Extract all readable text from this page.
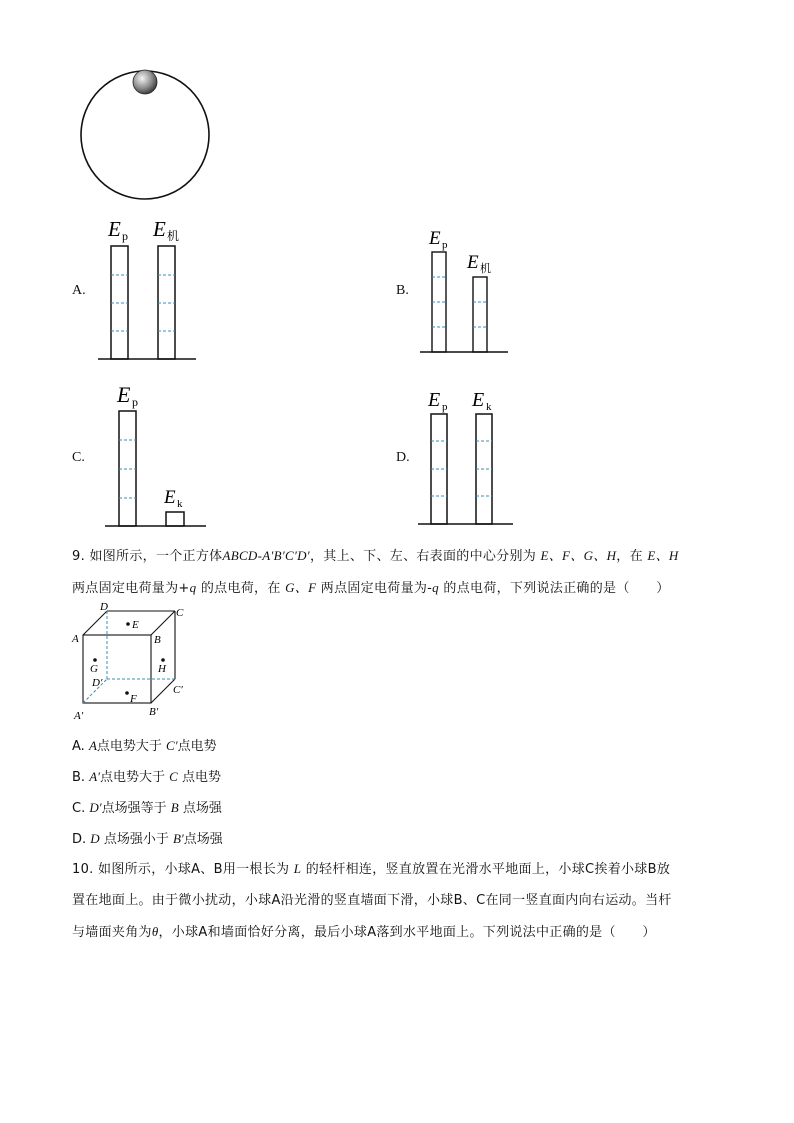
A.
E p E 机
B.
E p
E 机
C.
E p
E k
D.
E p E k
9. 如图所示，一个正方体ABCD-A′B′C′D′，其上、下、左、右表面的中心分别为 E、F、G、H，在 E、H
两点固定电荷量为+q 的点电荷，在 G、F 两点固定电荷量为-q 的点电荷，下列说法正确的是（　　）
A	B
C
D
A′	B′
C′
D′
E
F
G	H
A. A点电势大于 C′点电势
B. A′点电势大于 C 点电势
C. D′点场强等于 B 点场强
D. D 点场强小于 B′点场强
10. 如图所示，小球A、B用一根长为 L 的轻杆相连，竖直放置在光滑水平地面上，小球C挨着小球B放
置在地面上。由于微小扰动，小球A沿光滑的竖直墙面下滑，小球B、C在同一竖直面内向右运动。当杆
与墙面夹角为θ，小球A和墙面恰好分离，最后小球A落到水平地面上。下列说法中正确的是（　　）
